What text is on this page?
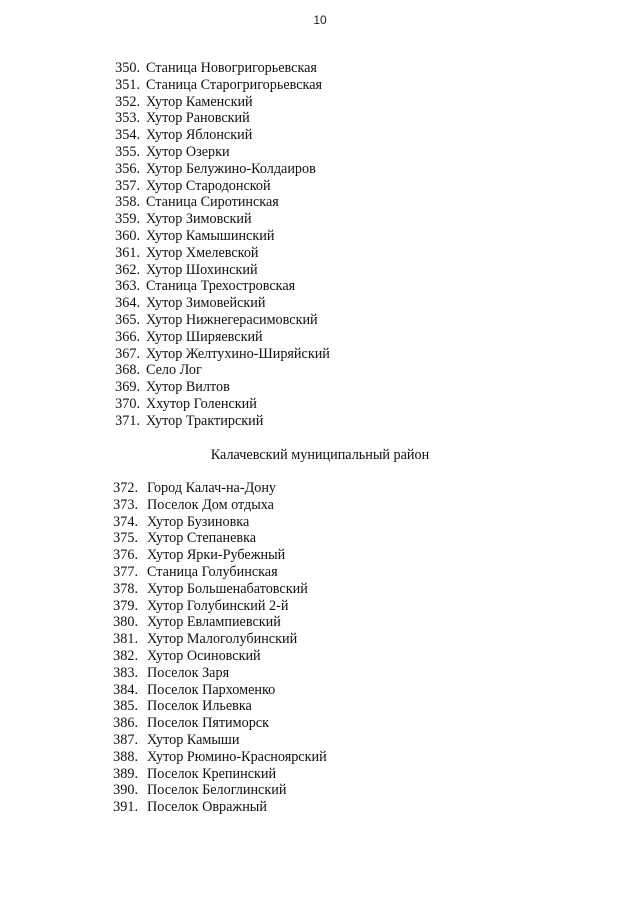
10
350. Станица Новогригорьевская
351. Станица Старогригорьевская
352. Хутор Каменский
353. Хутор Рановский
354. Хутор Яблонский
355. Хутор Озерки
356. Хутор Белужино-Колдаиров
357. Хутор Стародонской
358. Станица Сиротинская
359. Хутор Зимовский
360. Хутор Камышинский
361. Хутор Хмелевской
362. Хутор Шохинский
363. Станица Трехостровская
364. Хутор Зимовейский
365. Хутор Нижнегерасимовский
366. Хутор Ширяевский
367. Хутор Желтухино-Ширяйский
368. Село Лог
369. Хутор Вилтов
370. Ххутор Голенский
371. Хутор Трактирский
Калачевский муниципальный район
372. Город Калач-на-Дону
373. Поселок Дом отдыха
374. Хутор Бузиновка
375. Хутор Степаневка
376. Хутор Ярки-Рубежный
377. Станица Голубинская
378. Хутор Большенабатовский
379. Хутор Голубинский 2-й
380. Хутор Евлампиевский
381. Хутор Малоголубинский
382. Хутор Осиновский
383. Поселок Заря
384. Поселок Пархоменко
385. Поселок Ильевка
386. Поселок Пятиморск
387. Хутор Камыши
388. Хутор Рюмино-Красноярский
389. Поселок Крепинский
390. Поселок Белоглинский
391. Поселок Овражный
